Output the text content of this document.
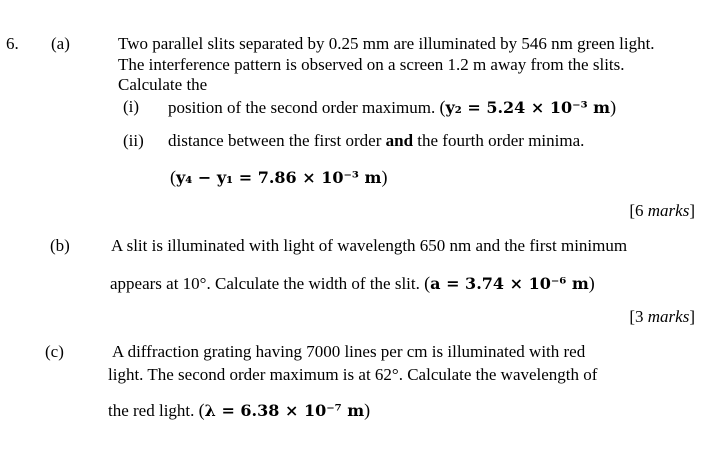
6. (a)	Two parallel slits separated by 0.25 mm are illuminated by 546 nm green light.
The interference pattern is observed on a screen 1.2 m away from the slits.
Calculate the
(i) position of the second order maximum. (y₂ = 5.24 × 10⁻³ m)
(ii) distance between the first order and the fourth order minima.
(y₄ − y₁ = 7.86 × 10⁻³ m)
[6 marks]
(b) A slit is illuminated with light of wavelength 650 nm and the first minimum
appears at 10°. Calculate the width of the slit. (a = 3.74 × 10⁻⁶ m)
[3 marks]
(c)	A diffraction grating having 7000 lines per cm is illuminated with red
light. The second order maximum is at 62°. Calculate the wavelength of
the red light. (λ = 6.38 × 10⁻⁷ m)
